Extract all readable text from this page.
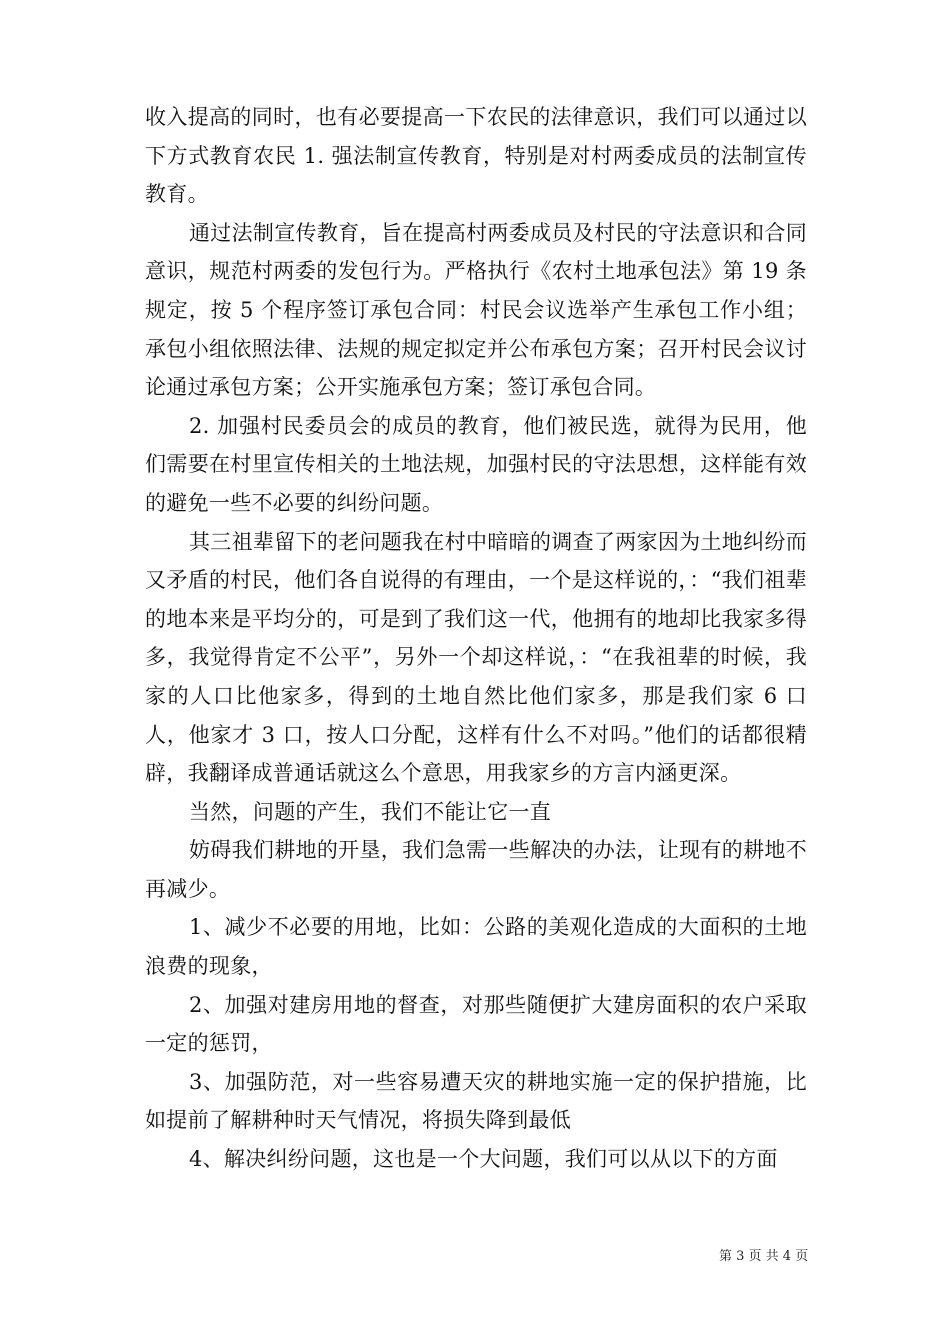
收入提高的同时，也有必要提高一下农民的法律意识，我们可以通过以下方式教育农民 1. 强法制宣传教育，特别是对村两委成员的法制宣传教育。

通过法制宣传教育，旨在提高村两委成员及村民的守法意识和合同意识，规范村两委的发包行为。严格执行《农村土地承包法》第 19 条规定，按 5 个程序签订承包合同：村民会议选举产生承包工作小组；承包小组依照法律、法规的规定拟定并公布承包方案；召开村民会议讨论通过承包方案；公开实施承包方案；签订承包合同。

2. 加强村民委员会的成员的教育，他们被民选，就得为民用，他们需要在村里宣传相关的土地法规，加强村民的守法思想，这样能有效的避免一些不必要的纠纷问题。

其三祖辈留下的老问题我在村中暗暗的调查了两家因为土地纠纷而又矛盾的村民，他们各自说得的有理由，一个是这样说的，：“我们祖辈的地本来是平均分的，可是到了我们这一代，他拥有的地却比我家多得多，我觉得肯定不公平”，另外一个却这样说，：“在我祖辈的时候，我家的人口比他家多，得到的土地自然比他们家多，那是我们家 6 口人，他家才 3 口，按人口分配，这样有什么不对吗。”他们的话都很精辟，我翻译成普通话就这么个意思，用我家乡的方言内涵更深。

当然，问题的产生，我们不能让它一直

妨碍我们耕地的开垦，我们急需一些解决的办法，让现有的耕地不再减少。

1、减少不必要的用地，比如：公路的美观化造成的大面积的土地浪费的现象，

2、加强对建房用地的督查，对那些随便扩大建房面积的农户采取一定的惩罚，

3、加强防范，对一些容易遭天灾的耕地实施一定的保护措施，比如提前了解耕种时天气情况，将损失降到最低

4、解决纠纷问题，这也是一个大问题，我们可以从以下的方面

第 3 页 共 4 页
